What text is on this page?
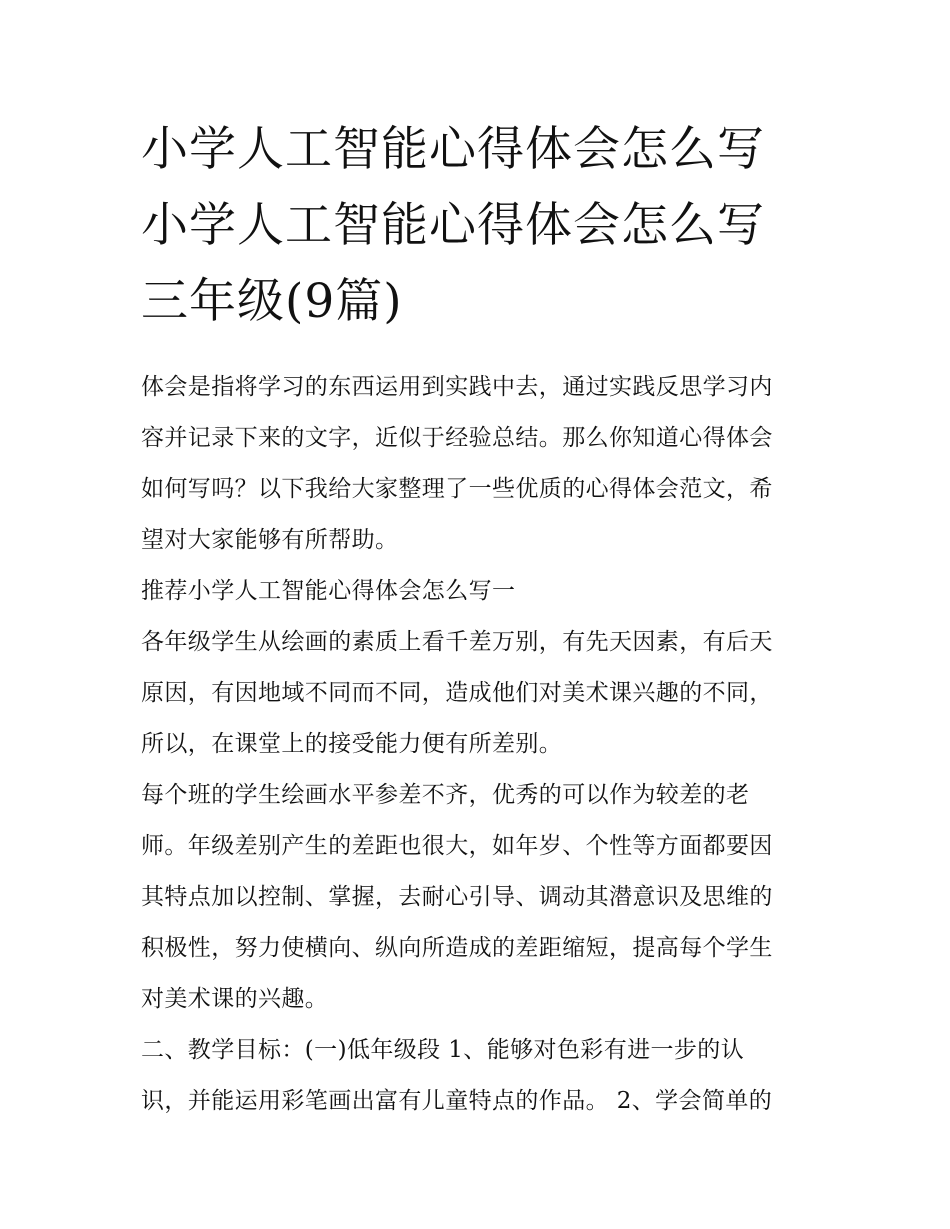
小学人工智能心得体会怎么写
小学人工智能心得体会怎么写
三年级(9篇)

体会是指将学习的东西运用到实践中去，通过实践反思学习内
容并记录下来的文字，近似于经验总结。那么你知道心得体会
如何写吗？以下我给大家整理了一些优质的心得体会范文，希
望对大家能够有所帮助。

推荐小学人工智能心得体会怎么写一

各年级学生从绘画的素质上看千差万别，有先天因素，有后天
原因，有因地域不同而不同，造成他们对美术课兴趣的不同，
所以，在课堂上的接受能力便有所差别。

每个班的学生绘画水平参差不齐，优秀的可以作为较差的老
师。年级差别产生的差距也很大，如年岁、个性等方面都要因
其特点加以控制、掌握，去耐心引导、调动其潜意识及思维的
积极性，努力使横向、纵向所造成的差距缩短，提高每个学生
对美术课的兴趣。

二、教学目标：(一)低年级段 1、能够对色彩有进一步的认
识，并能运用彩笔画出富有儿童特点的作品。 2、学会简单的
